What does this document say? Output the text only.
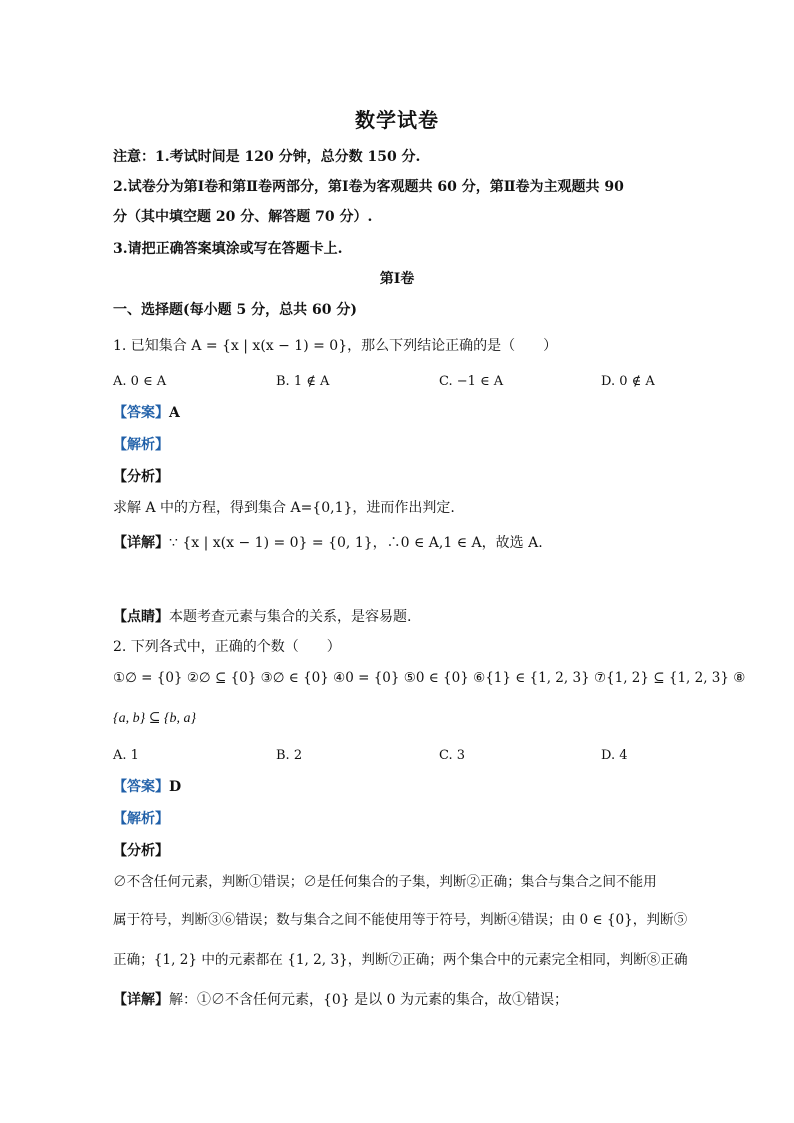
数学试卷
注意：1.考试时间是 120 分钟，总分数 150 分.
2.试卷分为第Ⅰ卷和第Ⅱ卷两部分，第Ⅰ卷为客观题共 60 分，第Ⅱ卷为主观题共 90
分（其中填空题 20 分、解答题 70 分）.
3.请把正确答案填涂或写在答题卡上.
第Ⅰ卷
一、选择题(每小题 5 分，总共 60 分)
1. 已知集合 A = {x | x(x − 1) = 0}，那么下列结论正确的是（　　）
A. 0 ∈ A	B. 1 ∉ A	C. −1 ∈ A	D. 0 ∉ A
【答案】A
【解析】
【分析】
求解 A 中的方程，得到集合 A={0,1}，进而作出判定.
【详解】∵ {x | x(x − 1) = 0} = {0, 1}，∴0 ∈ A,1 ∈ A，故选 A.
【点睛】本题考查元素与集合的关系，是容易题.
2. 下列各式中，正确的个数（　　）
①∅ = {0} ②∅ ⊆ {0} ③∅ ∈ {0} ④0 = {0} ⑤0 ∈ {0} ⑥{1} ∈ {1, 2, 3} ⑦{1, 2} ⊆ {1, 2, 3} ⑧
{a, b} ⊆ {b, a}
A. 1	B. 2	C. 3	D. 4
【答案】D
【解析】
【分析】
∅不含任何元素，判断①错误；∅是任何集合的子集，判断②正确；集合与集合之间不能用
属于符号，判断③⑥错误；数与集合之间不能使用等于符号，判断④错误；由 0 ∈ {0}，判断⑤
正确；{1, 2} 中的元素都在 {1, 2, 3}，判断⑦正确；两个集合中的元素完全相同，判断⑧正确
【详解】解：①∅不含任何元素，{0} 是以 0 为元素的集合，故①错误；
